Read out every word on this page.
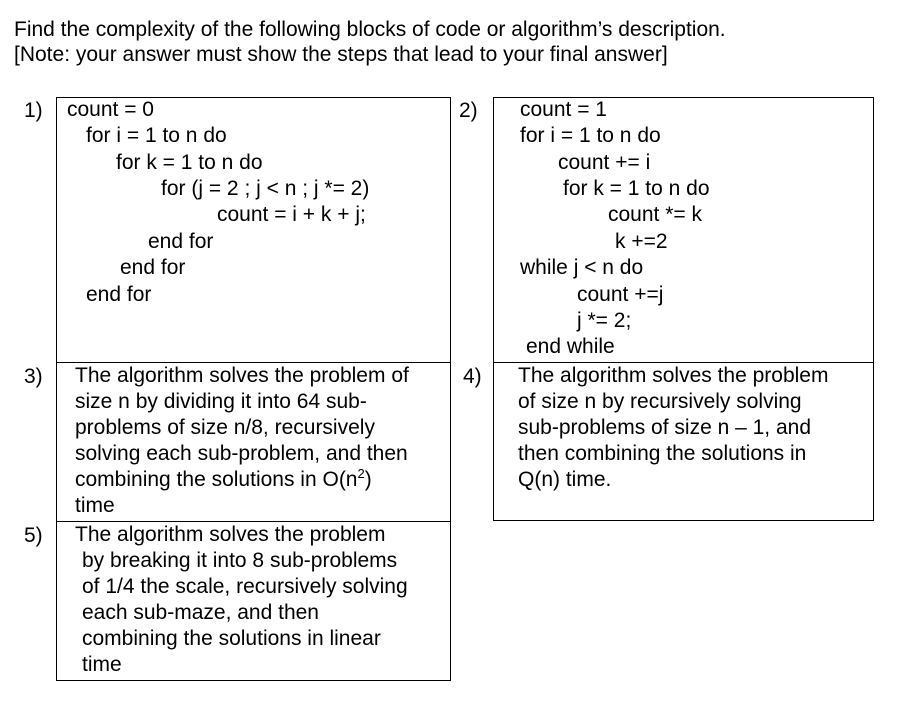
Find the complexity of the following blocks of code or algorithm’s description.
[Note: your answer must show the steps that lead to your final answer]
1) count = 0
for i = 1 to n do
for k = 1 to n do
for (j = 2 ; j < n ; j *= 2)
count = i + k + j;
end for
end for
end for
2) count = 1
for i = 1 to n do
count += i
for k = 1 to n do
count *= k
k +=2
while j < n do
count +=j
j *= 2;
end while
3) The algorithm solves the problem of
size n by dividing it into 64 sub-
problems of size n/8, recursively
solving each sub-problem, and then
combining the solutions in $O(n^2)$
time
4) The algorithm solves the problem
of size n by recursively solving
sub-problems of size n – 1, and
then combining the solutions in
Q(n) time.
5) The algorithm solves the problem
by breaking it into 8 sub-problems
of 1/4 the scale, recursively solving
each sub-maze, and then
combining the solutions in linear
time
